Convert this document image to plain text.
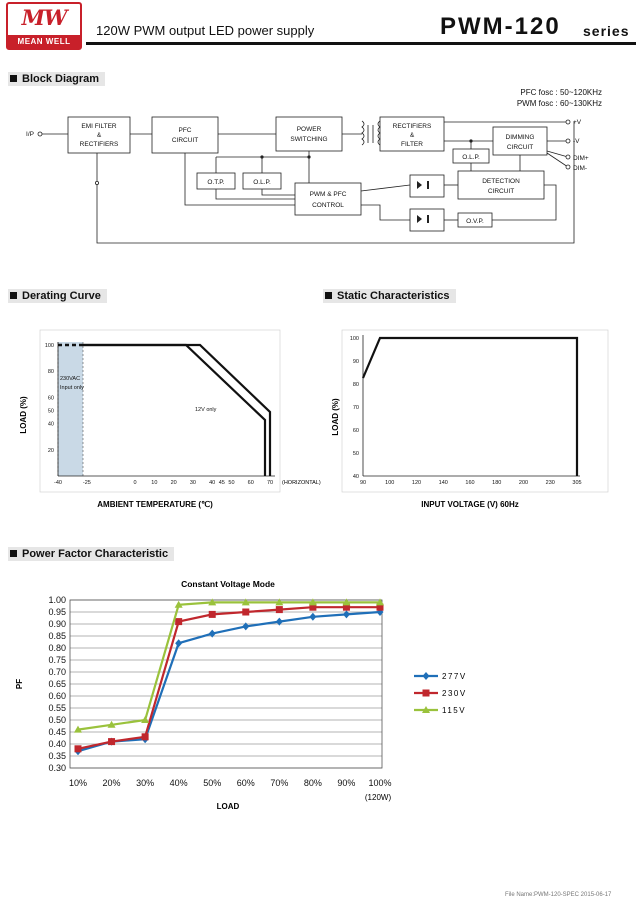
MW
MEAN WELL
120W PWM output LED power supply	PWM-120 series
Block Diagram
PFC fosc : 50~120KHz
PWM fosc : 60~130KHz
I/P
EMI FILTER
&
RECTIFIERS
PFC
CIRCUIT
POWER
SWITCHING
RECTIFIERS
&
FILTER
DIMMING
CIRCUIT
O.L.P.
O.T.P.	O.L.P.
PWM & PFC
CONTROL
DETECTION
CIRCUIT
O.V.P.
+V
-V
DIM+
DIM-
Derating Curve
230VAC
Input only
12V only
100
80
60
50
40
20
-40	-25	0	10 20 30 40 45 50 60 70 (HORIZONTAL)
AMBIENT TEMPERATURE (℃)
LOAD (%)
Static Characteristics
100
90
80
70
60
50
40
90	100	120	140	160	180	200	230	305
INPUT VOLTAGE (V) 60Hz
LOAD (%)
Power Factor Characteristic
Constant Voltage Mode
1.00
0.95
0.90
0.85
0.80
0.75
0.70
0.65
0.60
0.55
0.50
0.45
0.40
0.35
0.30
10% 20% 30% 40% 50% 60% 70% 80% 90% 100%
277V
230V
115V
(120W)
LOAD
PF
File Name:PWM-120-SPEC 2015-06-17
